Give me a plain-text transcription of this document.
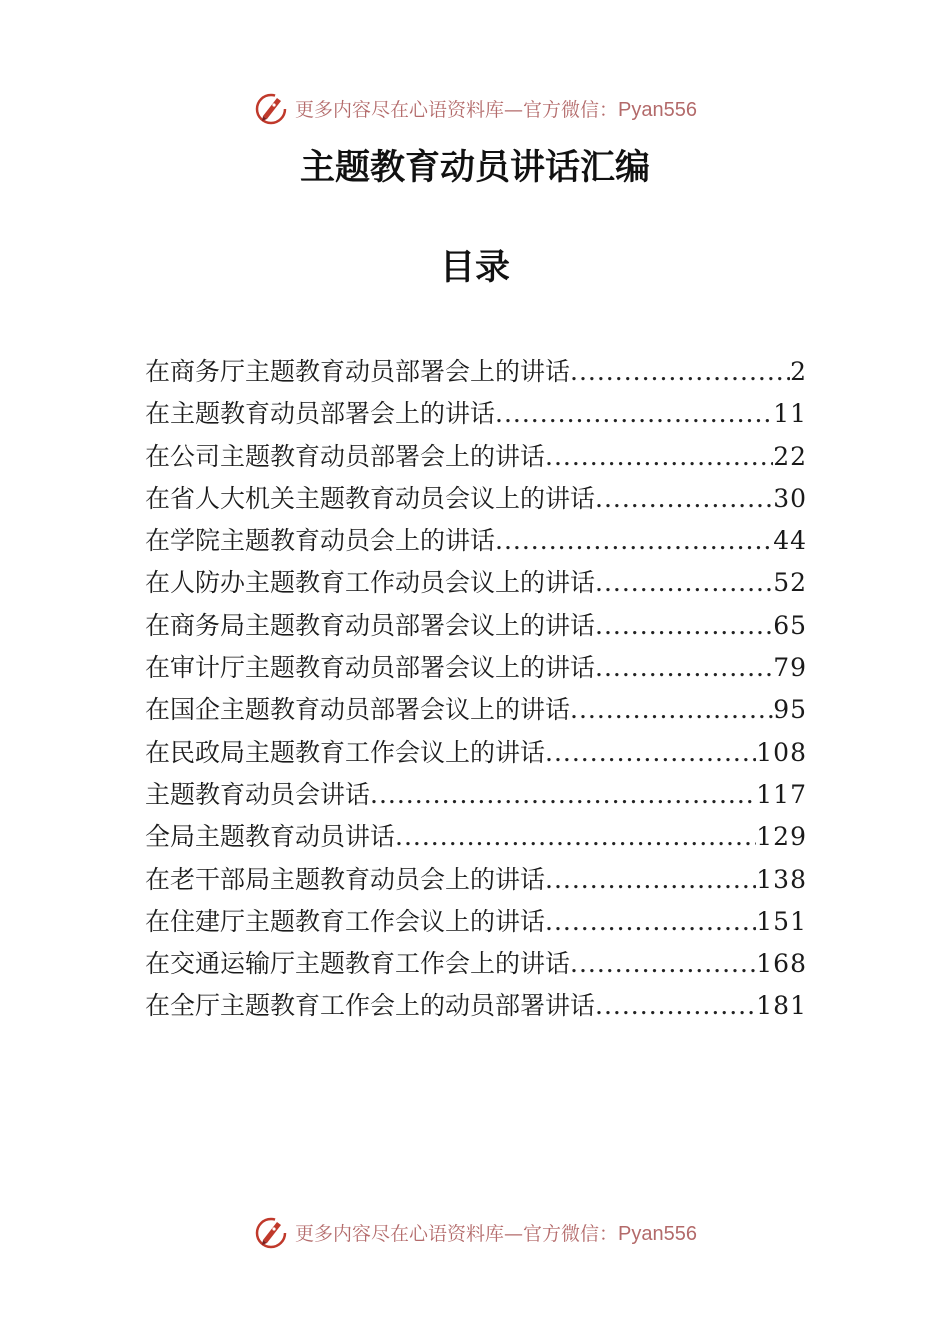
更多内容尽在心语资料库—官方微信：Pyan556
主题教育动员讲话汇编
目录
在商务厅主题教育动员部署会上的讲话 .....	2
在主题教育动员部署会上的讲话 .....	11
在公司主题教育动员部署会上的讲话 .....	22
在省人大机关主题教育动员会议上的讲话 .....	30
在学院主题教育动员会上的讲话 .....	44
在人防办主题教育工作动员会议上的讲话 .....	52
在商务局主题教育动员部署会议上的讲话 .....	65
在审计厅主题教育动员部署会议上的讲话 .....	79
在国企主题教育动员部署会议上的讲话 .....	95
在民政局主题教育工作会议上的讲话 .....	108
主题教育动员会讲话 .....	117
全局主题教育动员讲话 .....	129
在老干部局主题教育动员会上的讲话 .....	138
在住建厅主题教育工作会议上的讲话 .....	151
在交通运输厅主题教育工作会上的讲话 .....	168
在全厅主题教育工作会上的动员部署讲话 .....	181
更多内容尽在心语资料库—官方微信：Pyan556
